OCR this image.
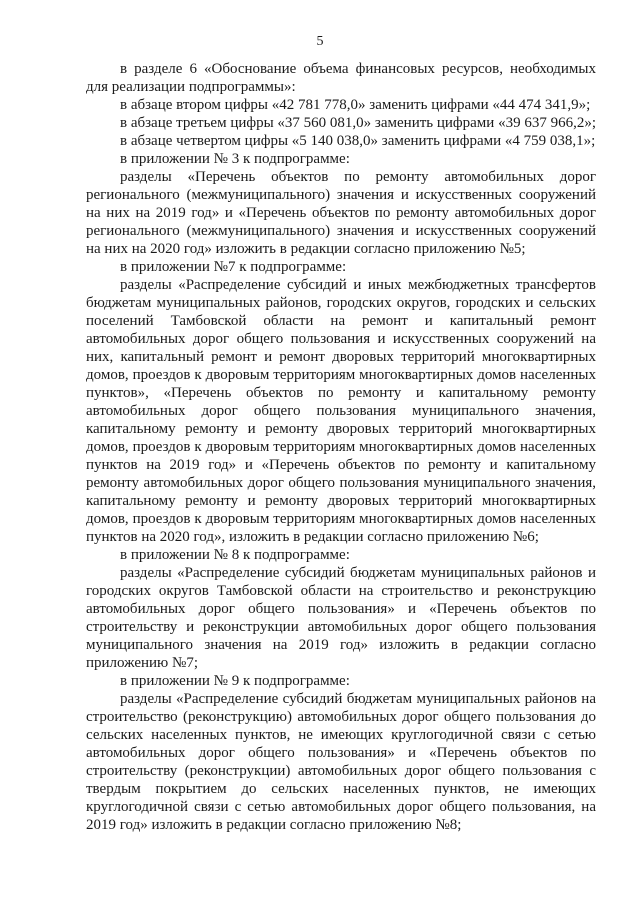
5

в разделе 6 «Обоснование объема финансовых ресурсов, необходимых для реализации подпрограммы»:

в абзаце втором цифры «42 781 778,0» заменить цифрами «44 474 341,9»;

в абзаце третьем цифры «37 560 081,0» заменить цифрами «39 637 966,2»;

в абзаце четвертом цифры «5 140 038,0» заменить цифрами «4 759 038,1»;

в приложении № 3 к подпрограмме:

разделы «Перечень объектов по ремонту автомобильных дорог регионального (межмуниципального) значения и искусственных сооружений на них на 2019 год» и «Перечень объектов по ремонту автомобильных дорог регионального (межмуниципального) значения и искусственных сооружений на них на 2020 год» изложить в редакции согласно приложению №5;

в приложении №7 к подпрограмме:

разделы «Распределение субсидий и иных межбюджетных трансфертов бюджетам муниципальных районов, городских округов, городских и сельских поселений Тамбовской области на ремонт и капитальный ремонт автомобильных дорог общего пользования и искусственных сооружений на них, капитальный ремонт и ремонт дворовых территорий многоквартирных домов, проездов к дворовым территориям многоквартирных домов населенных пунктов», «Перечень объектов по ремонту и капитальному ремонту автомобильных дорог общего пользования муниципального значения, капитальному ремонту и ремонту дворовых территорий многоквартирных домов, проездов к дворовым территориям многоквартирных домов населенных пунктов на 2019 год» и «Перечень объектов по ремонту и капитальному ремонту автомобильных дорог общего пользования муниципального значения, капитальному ремонту и ремонту дворовых территорий многоквартирных домов, проездов к дворовым территориям многоквартирных домов населенных пунктов на 2020 год», изложить в редакции согласно приложению №6;

в приложении № 8 к подпрограмме:

разделы «Распределение субсидий бюджетам муниципальных районов и городских округов Тамбовской области на строительство и реконструкцию автомобильных дорог общего пользования» и «Перечень объектов по строительству и реконструкции автомобильных дорог общего пользования муниципального значения на 2019 год» изложить в редакции согласно приложению №7;

в приложении № 9 к подпрограмме:

разделы «Распределение субсидий бюджетам муниципальных районов на строительство (реконструкцию) автомобильных дорог общего пользования до сельских населенных пунктов, не имеющих круглогодичной связи с сетью автомобильных дорог общего пользования» и «Перечень объектов по строительству (реконструкции) автомобильных дорог общего пользования с твердым покрытием до сельских населенных пунктов, не имеющих круглогодичной связи с сетью автомобильных дорог общего пользования, на 2019 год» изложить в редакции согласно приложению №8;
